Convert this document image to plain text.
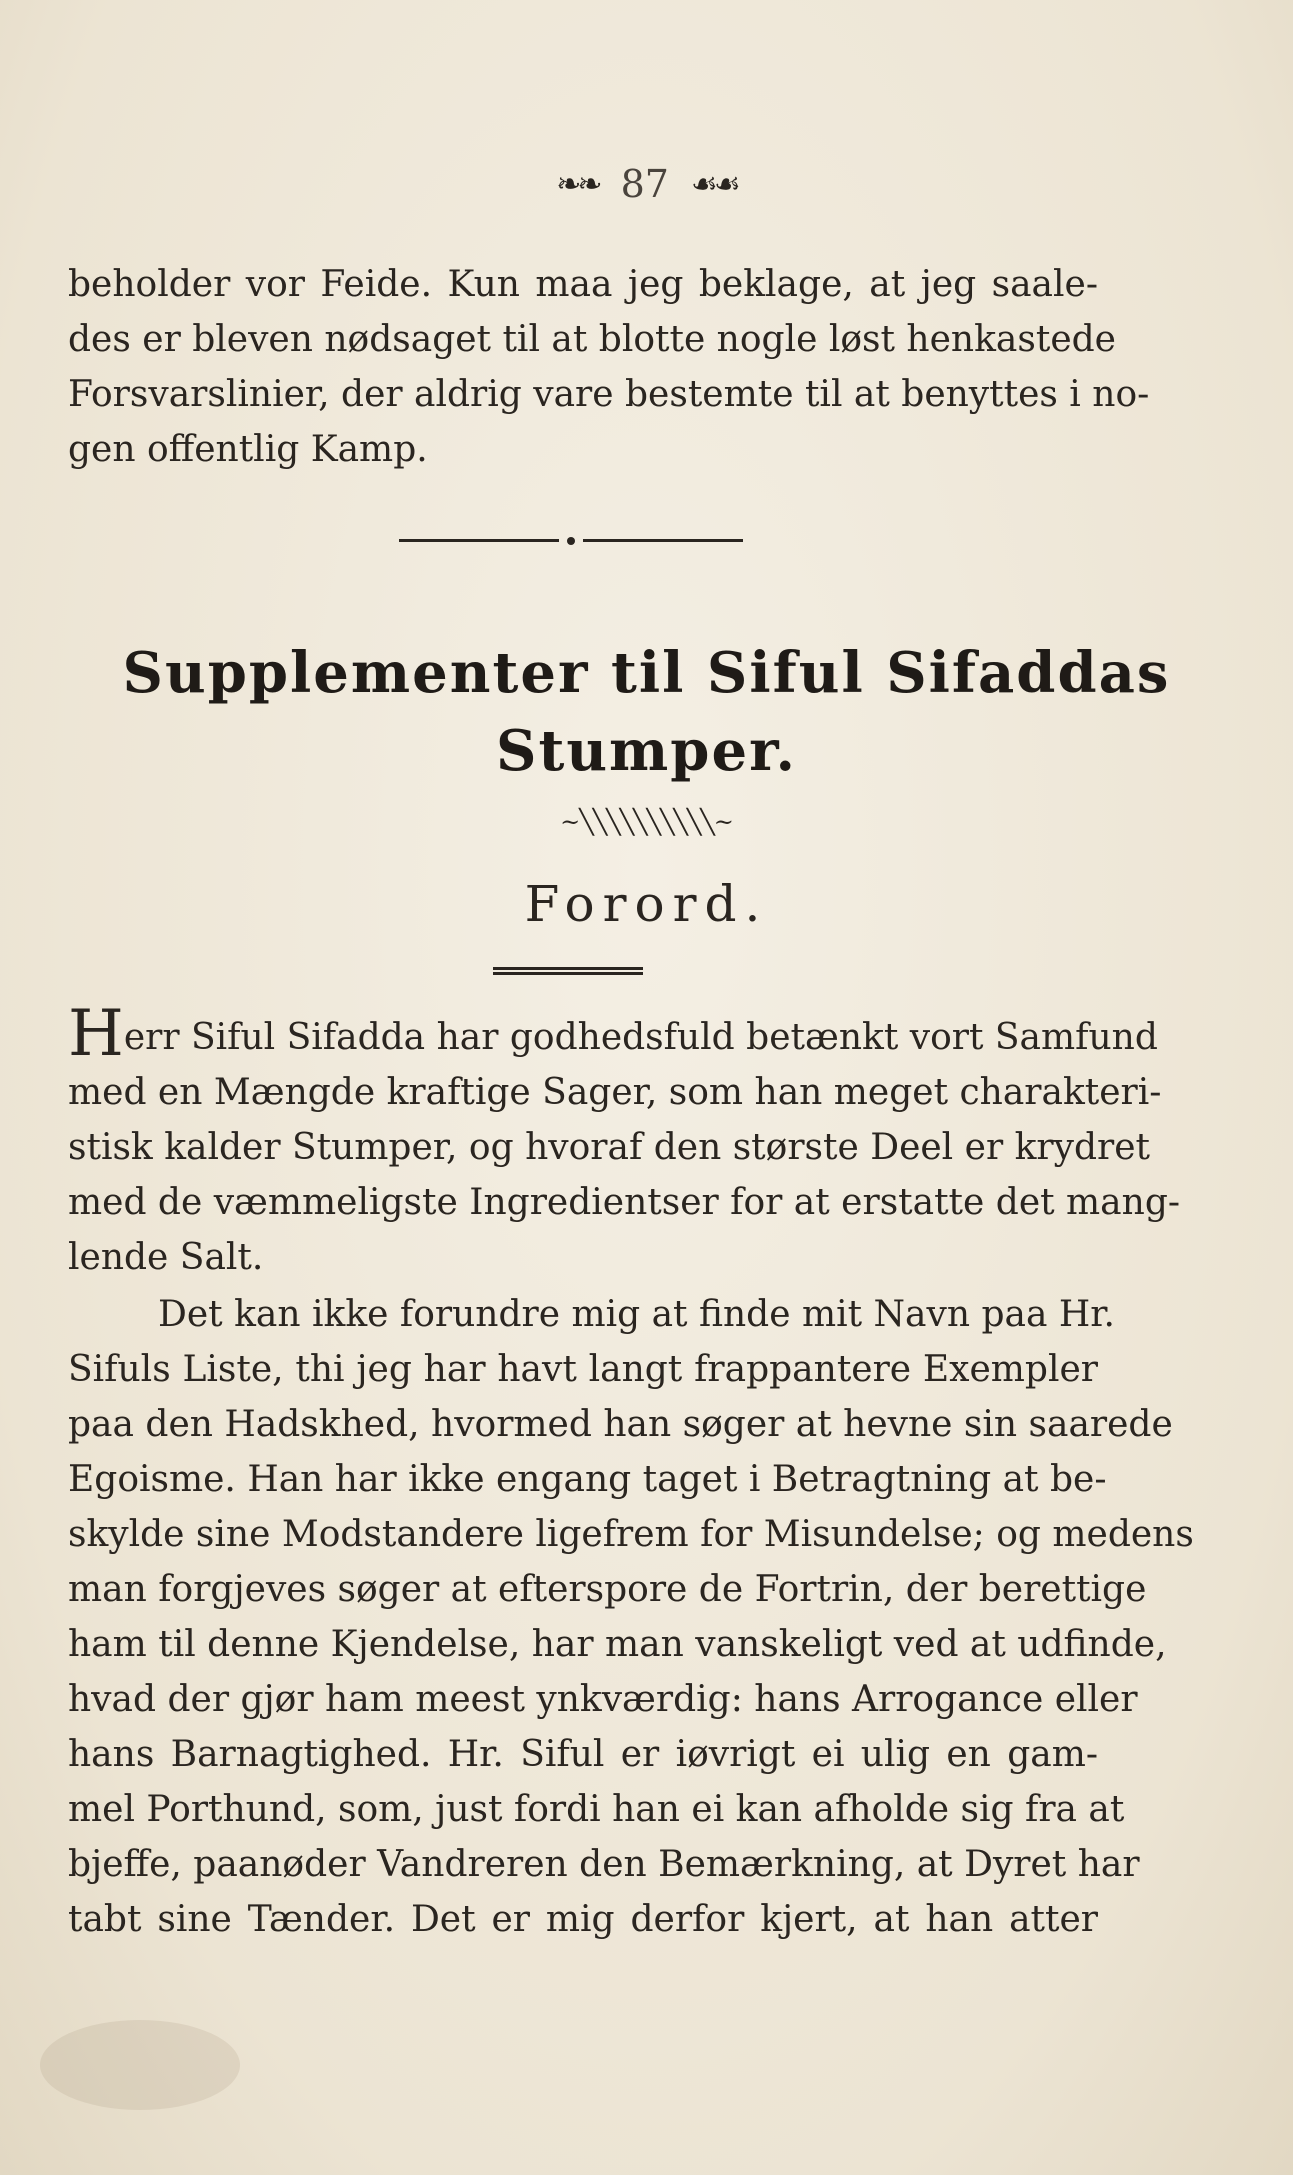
❧❧ 87 ☙☙
beholder vor Feide. Kun maa jeg beklage, at jeg saale-
des er bleven nødsaget til at blotte nogle løst henkastede
Forsvarslinier, der aldrig vare bestemte til at benyttes i no-
gen offentlig Kamp.
Supplementer til Siful Sifaddas
Stumper.
~╲╲╲╲╲╲╲╲╲╲~
Forord.
Herr Siful Sifadda har godhedsfuld betænkt vort Samfund
med en Mængde kraftige Sager, som han meget charakteri-
stisk kalder Stumper, og hvoraf den største Deel er krydret
med de væmmeligste Ingredientser for at erstatte det mang-
lende Salt.
Det kan ikke forundre mig at finde mit Navn paa Hr.
Sifuls Liste, thi jeg har havt langt frappantere Exempler
paa den Hadskhed, hvormed han søger at hevne sin saarede
Egoisme. Han har ikke engang taget i Betragtning at be-
skylde sine Modstandere ligefrem for Misundelse; og medens
man forgjeves søger at efterspore de Fortrin, der berettige
ham til denne Kjendelse, har man vanskeligt ved at udfinde,
hvad der gjør ham meest ynkværdig: hans Arrogance eller
hans Barnagtighed. Hr. Siful er iøvrigt ei ulig en gam-
mel Porthund, som, just fordi han ei kan afholde sig fra at
bjeffe, paanøder Vandreren den Bemærkning, at Dyret har
tabt sine Tænder. Det er mig derfor kjert, at han atter
